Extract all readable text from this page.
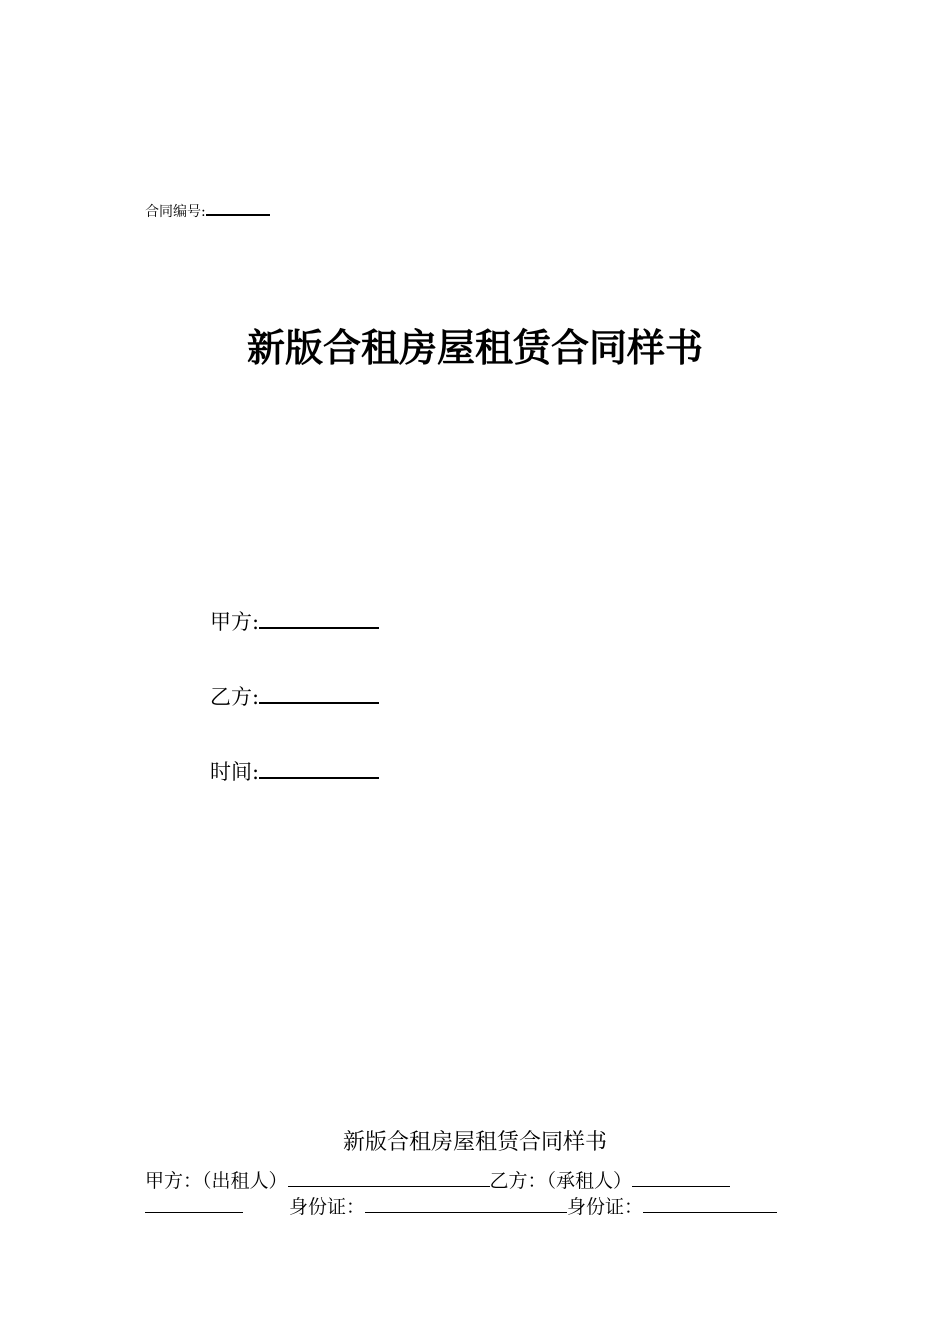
合同编号:
新版合租房屋租赁合同样书
甲方:
乙方:
时间:
新版合租房屋租赁合同样书
甲方：（出租人）	乙方：（承租人）
身份证：	身份证：
